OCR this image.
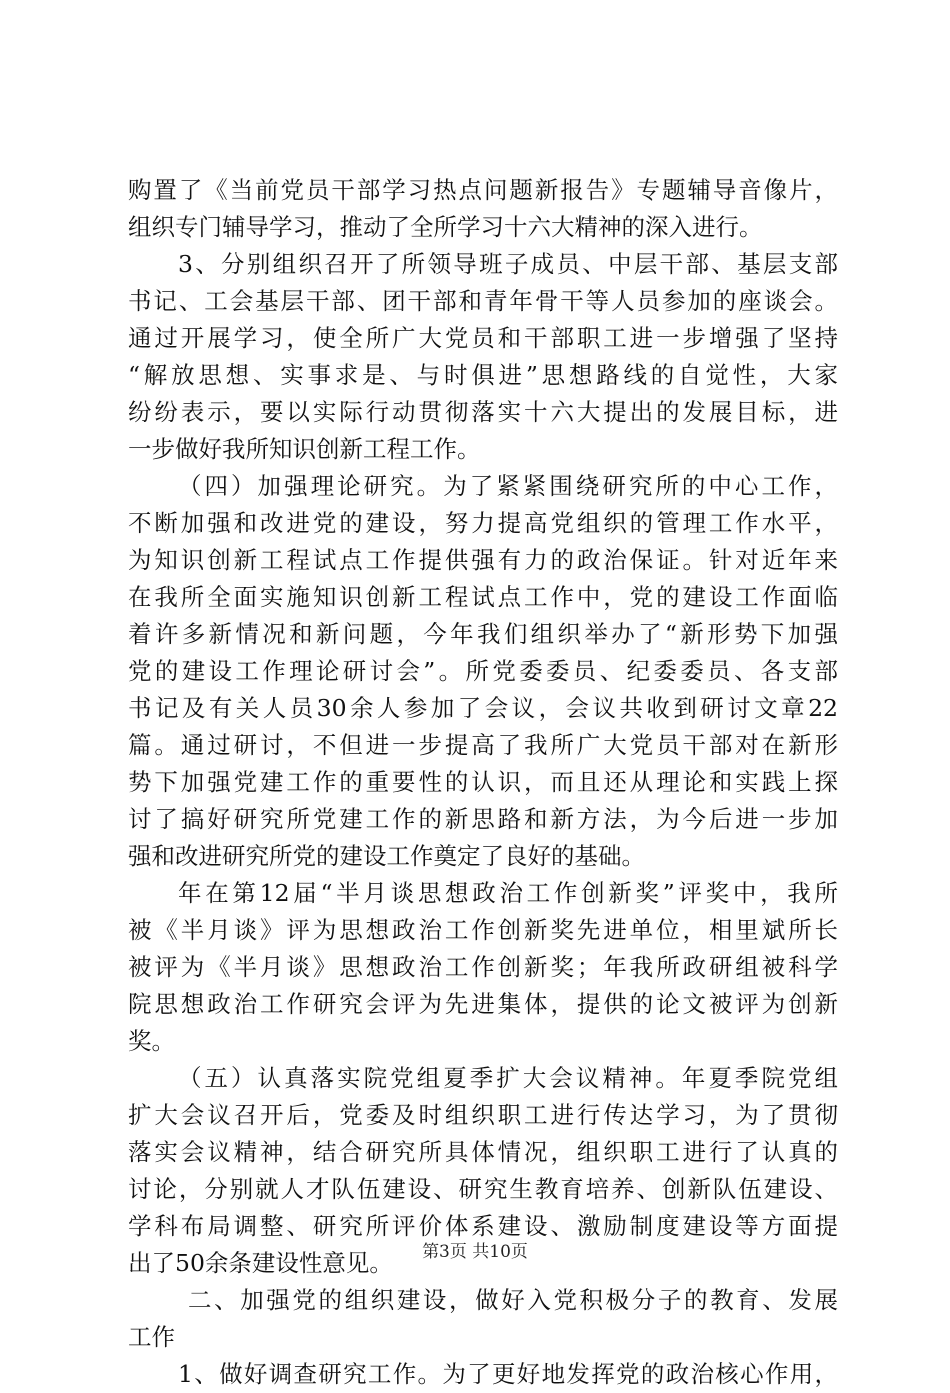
购置了《当前党员干部学习热点问题新报告》专题辅导音像片，
组织专门辅导学习，推动了全所学习十六大精神的深入进行。
3、分别组织召开了所领导班子成员、中层干部、基层支部
书记、工会基层干部、团干部和青年骨干等人员参加的座谈会。
通过开展学习，使全所广大党员和干部职工进一步增强了坚持
“解放思想、实事求是、与时俱进”思想路线的自觉性，大家
纷纷表示，要以实际行动贯彻落实十六大提出的发展目标，进
一步做好我所知识创新工程工作。
（四）加强理论研究。为了紧紧围绕研究所的中心工作，
不断加强和改进党的建设，努力提高党组织的管理工作水平，
为知识创新工程试点工作提供强有力的政治保证。针对近年来
在我所全面实施知识创新工程试点工作中，党的建设工作面临
着许多新情况和新问题，今年我们组织举办了“新形势下加强
党的建设工作理论研讨会”。所党委委员、纪委委员、各支部
书记及有关人员30余人参加了会议，会议共收到研讨文章22
篇。通过研讨，不但进一步提高了我所广大党员干部对在新形
势下加强党建工作的重要性的认识，而且还从理论和实践上探
讨了搞好研究所党建工作的新思路和新方法，为今后进一步加
强和改进研究所党的建设工作奠定了良好的基础。
年在第12届“半月谈思想政治工作创新奖”评奖中，我所
被《半月谈》评为思想政治工作创新奖先进单位，相里斌所长
被评为《半月谈》思想政治工作创新奖；年我所政研组被科学
院思想政治工作研究会评为先进集体，提供的论文被评为创新
奖。
（五）认真落实院党组夏季扩大会议精神。年夏季院党组
扩大会议召开后，党委及时组织职工进行传达学习，为了贯彻
落实会议精神，结合研究所具体情况，组织职工进行了认真的
讨论，分别就人才队伍建设、研究生教育培养、创新队伍建设、
学科布局调整、研究所评价体系建设、激励制度建设等方面提
出了50余条建设性意见。
二、加强党的组织建设，做好入党积极分子的教育、发展
工作
1、做好调查研究工作。为了更好地发挥党的政治核心作用，
第3页 共10页
